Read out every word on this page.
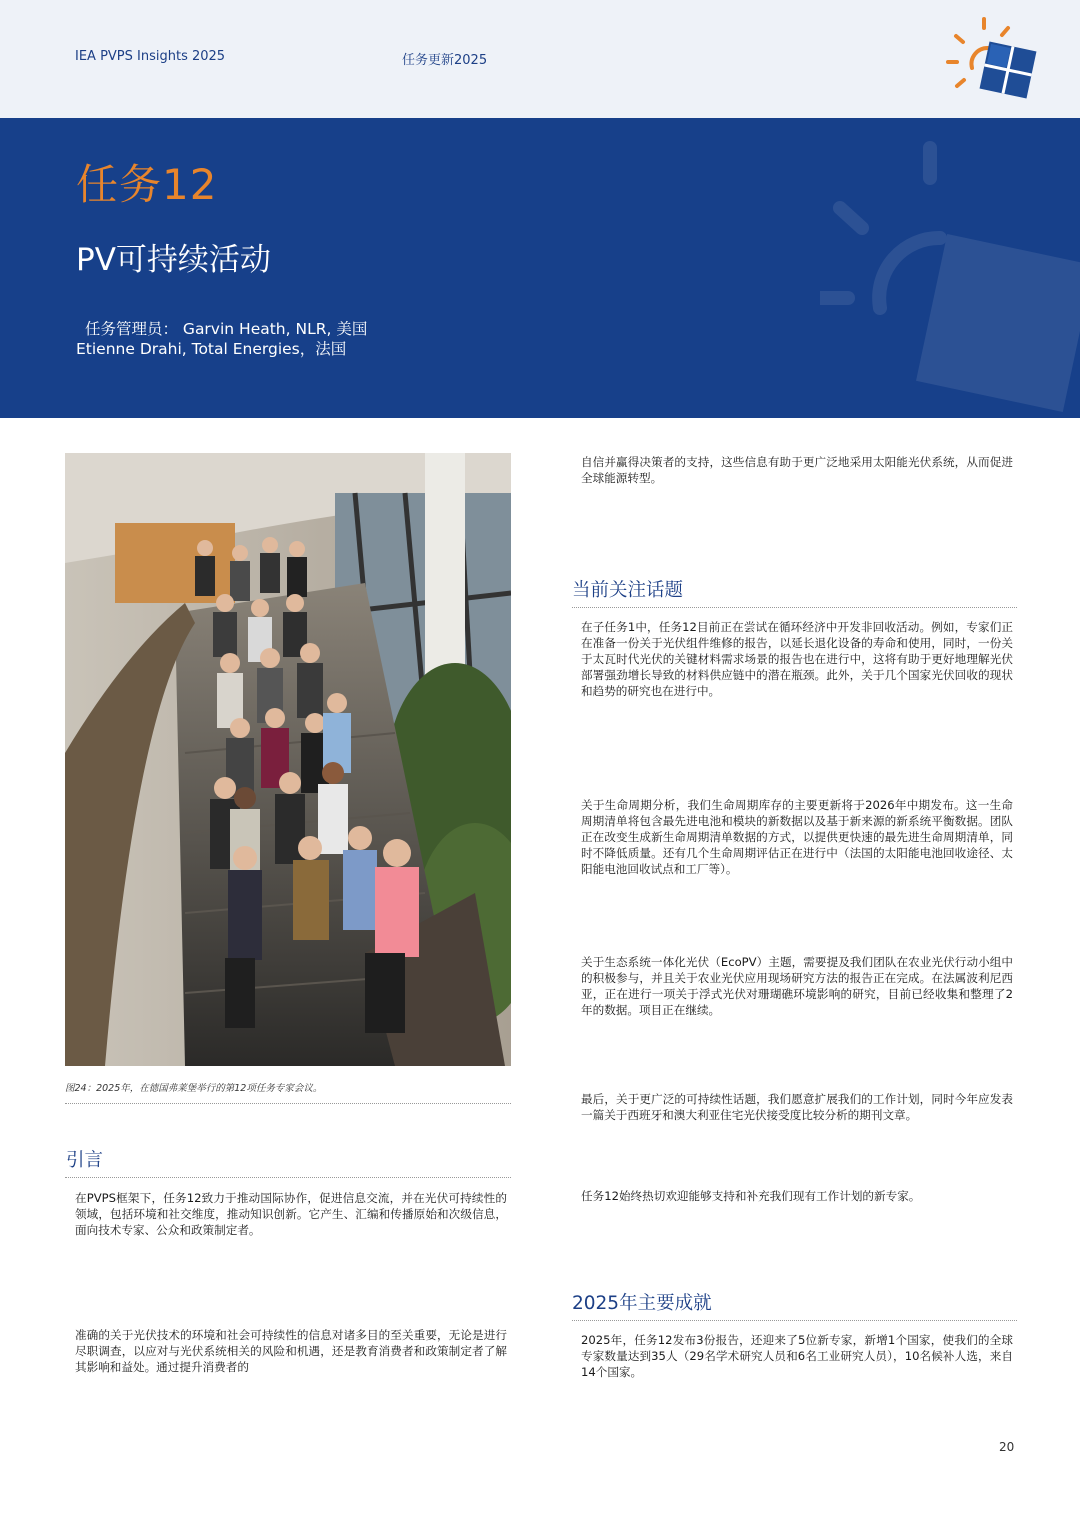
IEA PVPS Insights 2025	任务更新2025
任务12
PV可持续活动
任务管理员： Garvin Heath, NLR, 美国
Etienne Drahi, Total Energies，法国
图24：2025年，在德国弗莱堡举行的第12项任务专家会议。
引言
在PVPS框架下，任务12致力于推动国际协作，促进信息交流，并在光伏可持续性的领域，包括环境和社交维度，推动知识创新。它产生、汇编和传播原始和次级信息，面向技术专家、公众和政策制定者。
准确的关于光伏技术的环境和社会可持续性的信息对诸多目的至关重要，无论是进行尽职调查，以应对与光伏系统相关的风险和机遇，还是教育消费者和政策制定者了解其影响和益处。通过提升消费者的
自信并赢得决策者的支持，这些信息有助于更广泛地采用太阳能光伏系统，从而促进全球能源转型。
当前关注话题
在子任务1中，任务12目前正在尝试在循环经济中开发非回收活动。例如，专家们正在准备一份关于光伏组件维修的报告，以延长退化设备的寿命和使用，同时，一份关于太瓦时代光伏的关键材料需求场景的报告也在进行中，这将有助于更好地理解光伏部署强劲增长导致的材料供应链中的潜在瓶颈。此外，关于几个国家光伏回收的现状和趋势的研究也在进行中。
关于生命周期分析，我们生命周期库存的主要更新将于2026年中期发布。这一生命周期清单将包含最先进电池和模块的新数据以及基于新来源的新系统平衡数据。团队正在改变生成新生命周期清单数据的方式，以提供更快速的最先进生命周期清单，同时不降低质量。还有几个生命周期评估正在进行中（法国的太阳能电池回收途径、太阳能电池回收试点和工厂等）。
关于生态系统一体化光伏（EcoPV）主题，需要提及我们团队在农业光伏行动小组中的积极参与，并且关于农业光伏应用现场研究方法的报告正在完成。在法属波利尼西亚，正在进行一项关于浮式光伏对珊瑚礁环境影响的研究，目前已经收集和整理了2年的数据。项目正在继续。
最后，关于更广泛的可持续性话题，我们愿意扩展我们的工作计划，同时今年应发表一篇关于西班牙和澳大利亚住宅光伏接受度比较分析的期刊文章。
任务12始终热切欢迎能够支持和补充我们现有工作计划的新专家。
2025年主要成就
2025年，任务12发布3份报告，还迎来了5位新专家，新增1个国家，使我们的全球专家数量达到35人（29名学术研究人员和6名工业研究人员），10名候补人选，来自14个国家。
20
